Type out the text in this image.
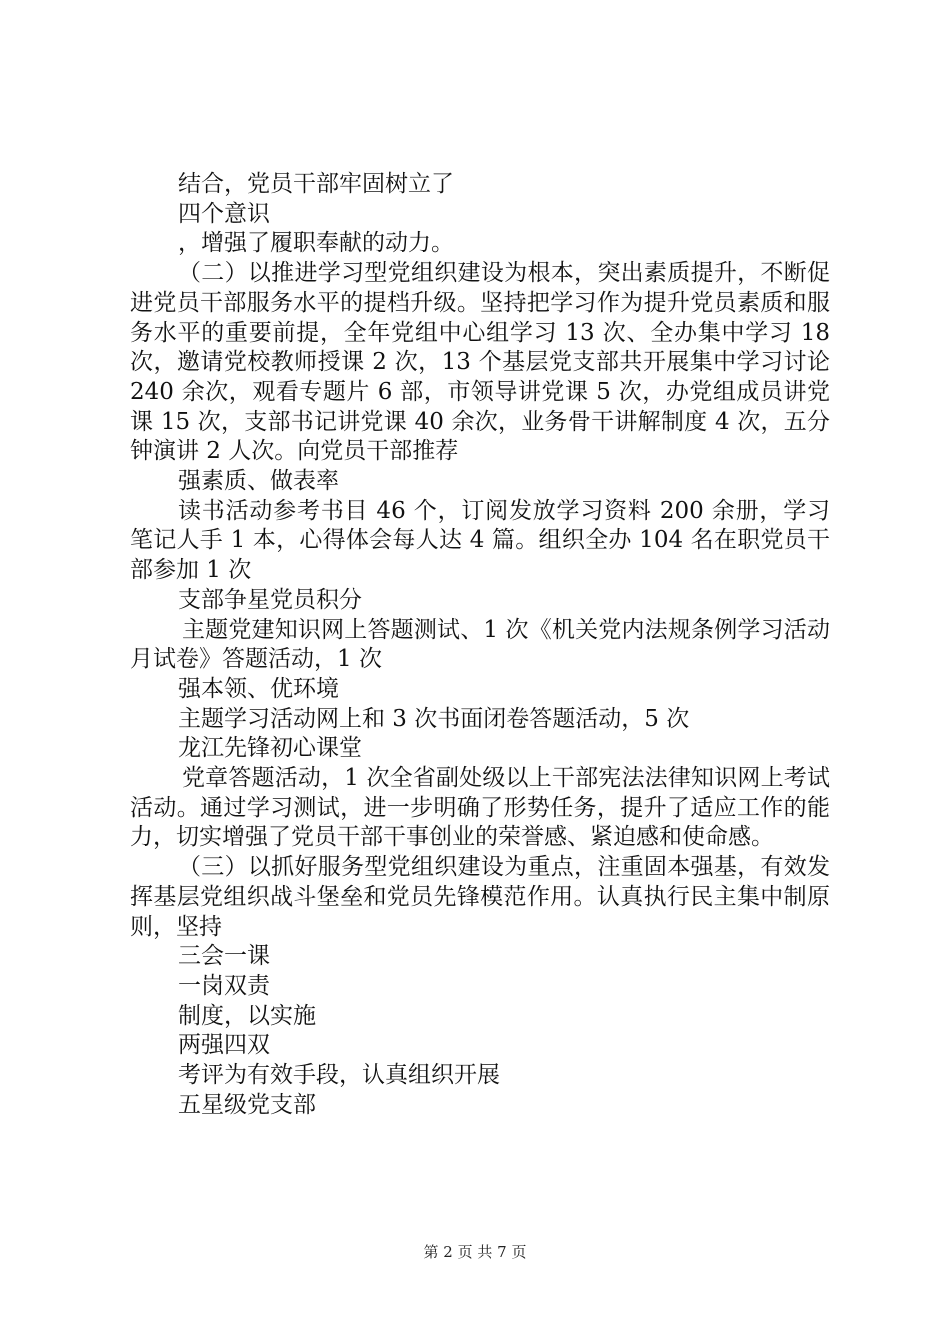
结合，党员干部牢固树立了

四个意识

，增强了履职奉献的动力。

（二）以推进学习型党组织建设为根本，突出素质提升，不断促进党员干部服务水平的提档升级。坚持把学习作为提升党员素质和服务水平的重要前提，全年党组中心组学习 13 次、全办集中学习 18 次，邀请党校教师授课 2 次，13 个基层党支部共开展集中学习讨论 240 余次，观看专题片 6 部，市领导讲党课 5 次，办党组成员讲党课 15 次，支部书记讲党课 40 余次，业务骨干讲解制度 4 次，五分钟演讲 2 人次。向党员干部推荐

强素质、做表率

读书活动参考书目 46 个，订阅发放学习资料 200 余册，学习笔记人手 1 本，心得体会每人达 4 篇。组织全办 104 名在职党员干部参加 1 次

支部争星党员积分

主题党建知识网上答题测试、1 次《机关党内法规条例学习活动月试卷》答题活动，1 次

强本领、优环境

主题学习活动网上和 3 次书面闭卷答题活动，5 次

龙江先锋初心课堂

党章答题活动，1 次全省副处级以上干部宪法法律知识网上考试活动。通过学习测试，进一步明确了形势任务，提升了适应工作的能力，切实增强了党员干部干事创业的荣誉感、紧迫感和使命感。

（三）以抓好服务型党组织建设为重点，注重固本强基，有效发挥基层党组织战斗堡垒和党员先锋模范作用。认真执行民主集中制原则，坚持

三会一课

一岗双责

制度，以实施

两强四双

考评为有效手段，认真组织开展

五星级党支部

第 2 页 共 7 页
